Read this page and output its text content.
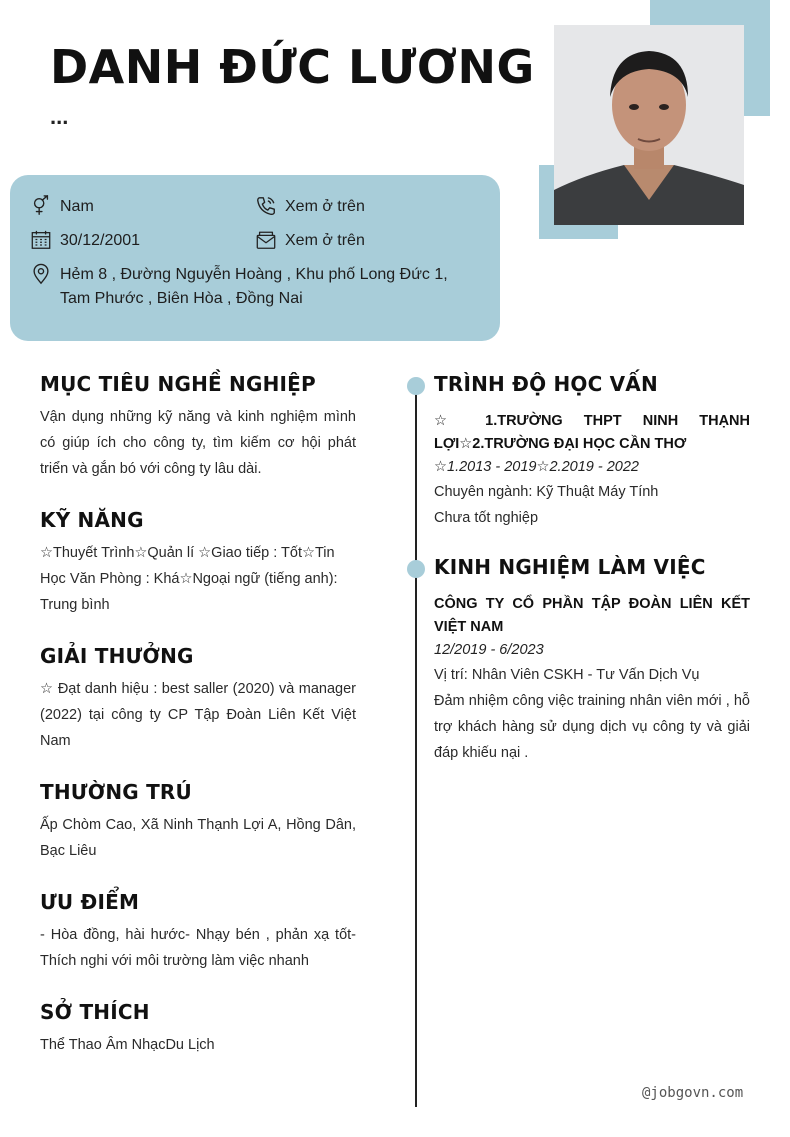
DANH ĐỨC LƯƠNG
...
Nam	Xem ở trên
30/12/2001	Xem ở trên
Hẻm 8 , Đường Nguyễn Hoàng , Khu phố Long Đức 1,
Tam Phước , Biên Hòa , Đồng Nai
MỤC TIÊU NGHỀ NGHIỆP

Vận dụng những kỹ năng và kinh nghiệm mình có giúp ích cho công ty, tìm kiếm cơ hội phát triển và gắn bó với công ty lâu dài.

KỸ NĂNG

☆Thuyết Trình☆Quản lí ☆Giao tiếp : Tốt☆Tin Học Văn Phòng : Khá☆Ngoại ngữ (tiếng anh): Trung bình

GIẢI THƯỞNG

☆ Đạt danh hiệu : best saller (2020) và manager (2022) tại công ty CP Tập Đoàn Liên Kết Việt Nam

THƯỜNG TRÚ

Ấp Chòm Cao, Xã Ninh Thạnh Lợi A, Hồng Dân, Bạc Liêu

ƯU ĐIỂM

- Hòa đồng, hài hước- Nhạy bén , phản xạ tốt- Thích nghi với môi trường làm việc nhanh

SỞ THÍCH

Thể Thao Âm NhạcDu Lịch

TRÌNH ĐỘ HỌC VẤN
☆ 1.TRƯỜNG THPT NINH THẠNH LỢI☆2.TRƯỜNG ĐẠI HỌC CẦN THƠ
☆1.2013 - 2019☆2.2019 - 2022
Chuyên ngành: Kỹ Thuật Máy Tính
Chưa tốt nghiệp
KINH NGHIỆM LÀM VIỆC
CÔNG TY CỔ PHẦN TẬP ĐOÀN LIÊN KẾT VIỆT NAM
12/2019 - 6/2023
Vị trí: Nhân Viên CSKH - Tư Vấn Dịch Vụ
Đảm nhiệm công việc training nhân viên mới , hỗ trợ khách hàng sử dụng dịch vụ công ty và giải đáp khiếu nại .
@jobgovn.com
